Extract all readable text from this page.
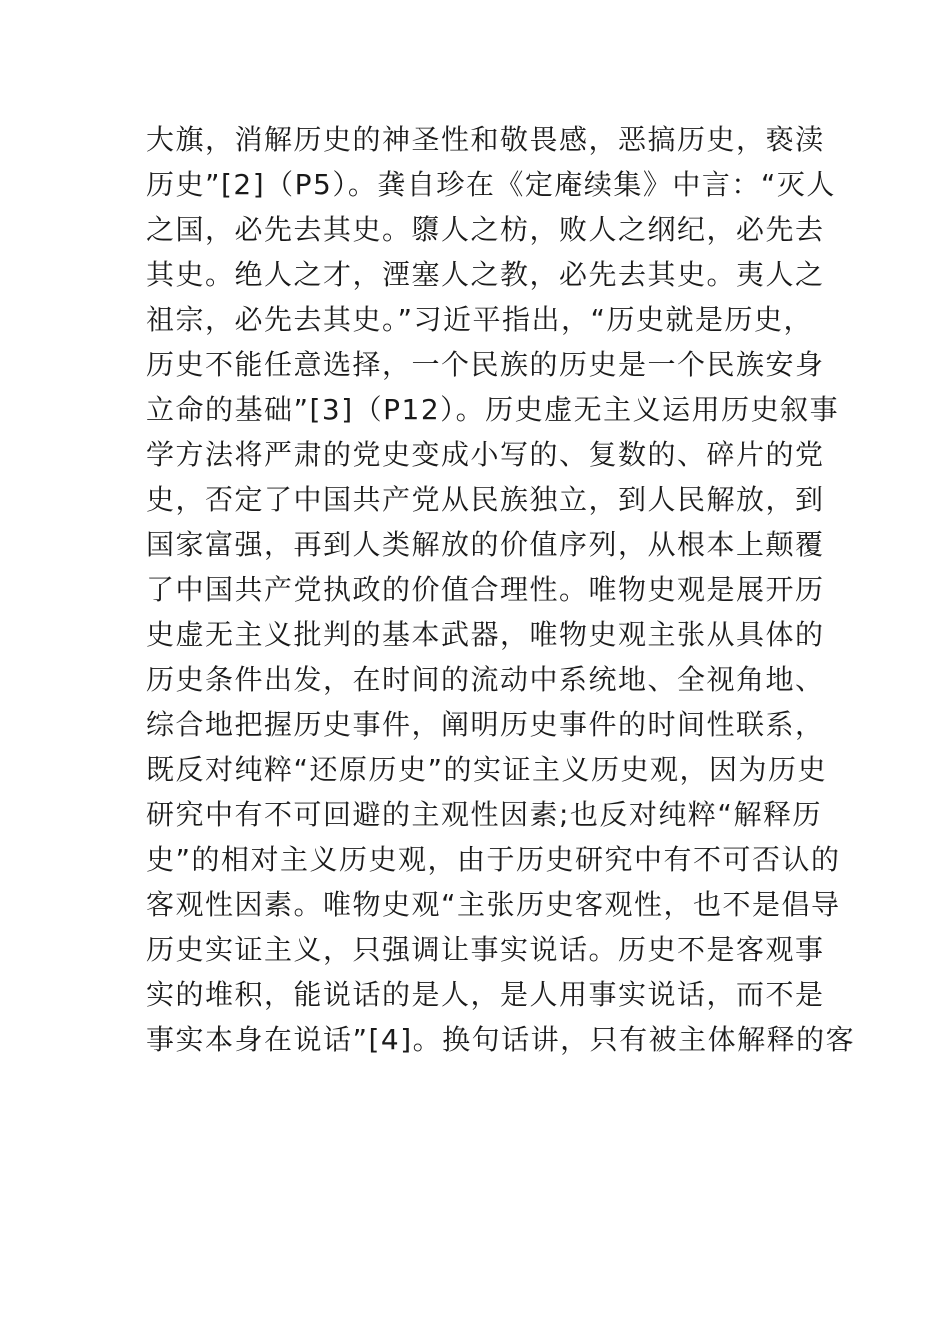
大旗，消解历史的神圣性和敬畏感，恶搞历史，亵渎
历史”[2]（P5）。龚自珍在《定庵续集》中言：“灭人
之国，必先去其史。隳人之枋，败人之纲纪，必先去
其史。绝人之才，湮塞人之教，必先去其史。夷人之
祖宗，必先去其史。”习近平指出，“历史就是历史，
历史不能任意选择，一个民族的历史是一个民族安身
立命的基础”[3]（P12）。历史虚无主义运用历史叙事
学方法将严肃的党史变成小写的、复数的、碎片的党
史，否定了中国共产党从民族独立，到人民解放，到
国家富强，再到人类解放的价值序列，从根本上颠覆
了中国共产党执政的价值合理性。唯物史观是展开历
史虚无主义批判的基本武器，唯物史观主张从具体的
历史条件出发，在时间的流动中系统地、全视角地、
综合地把握历史事件，阐明历史事件的时间性联系，
既反对纯粹“还原历史”的实证主义历史观，因为历史
研究中有不可回避的主观性因素;也反对纯粹“解释历
史”的相对主义历史观，由于历史研究中有不可否认的
客观性因素。唯物史观“主张历史客观性，也不是倡导
历史实证主义，只强调让事实说话。历史不是客观事
实的堆积，能说话的是人，是人用事实说话，而不是
事实本身在说话”[4]。换句话讲，只有被主体解释的客
